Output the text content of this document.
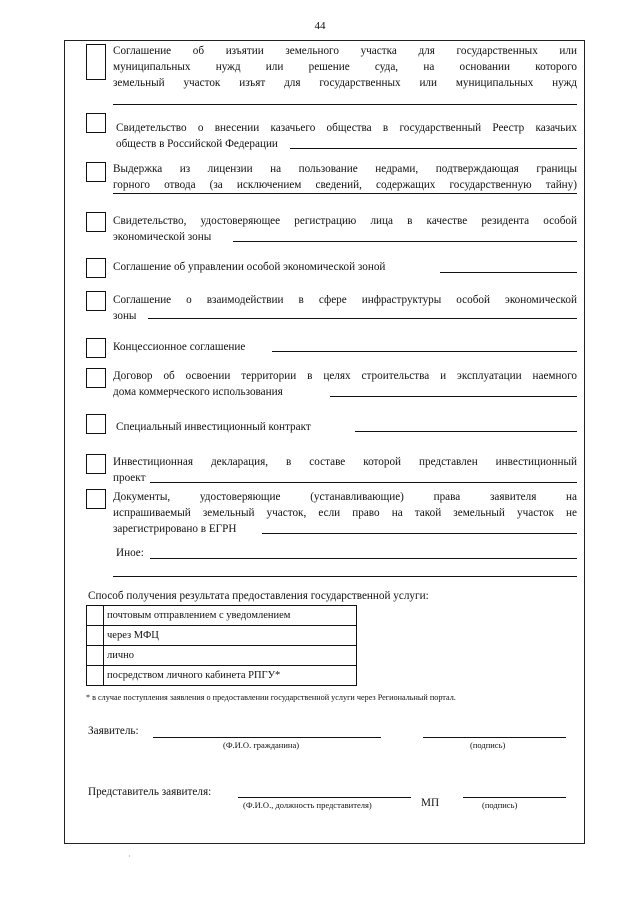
44
Соглашение об изъятии земельного участка для государственных или
муниципальных нужд или решение суда, на основании которого
земельный участок изъят для государственных или муниципальных нужд
Свидетельство о внесении казачьего общества в государственный Реестр казачьих
обществ в Российской Федерации
Выдержка из лицензии на пользование недрами, подтверждающая границы
горного отвода (за исключением сведений, содержащих государственную тайну)
Свидетельство, удостоверяющее регистрацию лица в качестве резидента особой
экономической зоны
Соглашение об управлении особой экономической зоной
Соглашение о взаимодействии в сфере инфраструктуры особой экономической
зоны
Концессионное соглашение
Договор об освоении территории в целях строительства и эксплуатации наемного
дома коммерческого использования
Специальный инвестиционный контракт
Инвестиционная декларация, в составе которой представлен инвестиционный
проект
Документы, удостоверяющие (устанавливающие) права заявителя на
испрашиваемый земельный участок, если право на такой земельный участок не
зарегистрировано в ЕГРН
Иное:
Способ получения результата предоставления государственной услуги:
	почтовым отправлением с уведомлением
	через МФЦ
	лично
	посредством личного кабинета РПГУ*
* в случае поступления заявления о предоставлении государственной услуги через Региональный портал.
Заявитель:
(Ф.И.О. гражданина)	(подпись)
Представитель заявителя:
(Ф.И.О., должность представителя)	МП	(подпись)
·
